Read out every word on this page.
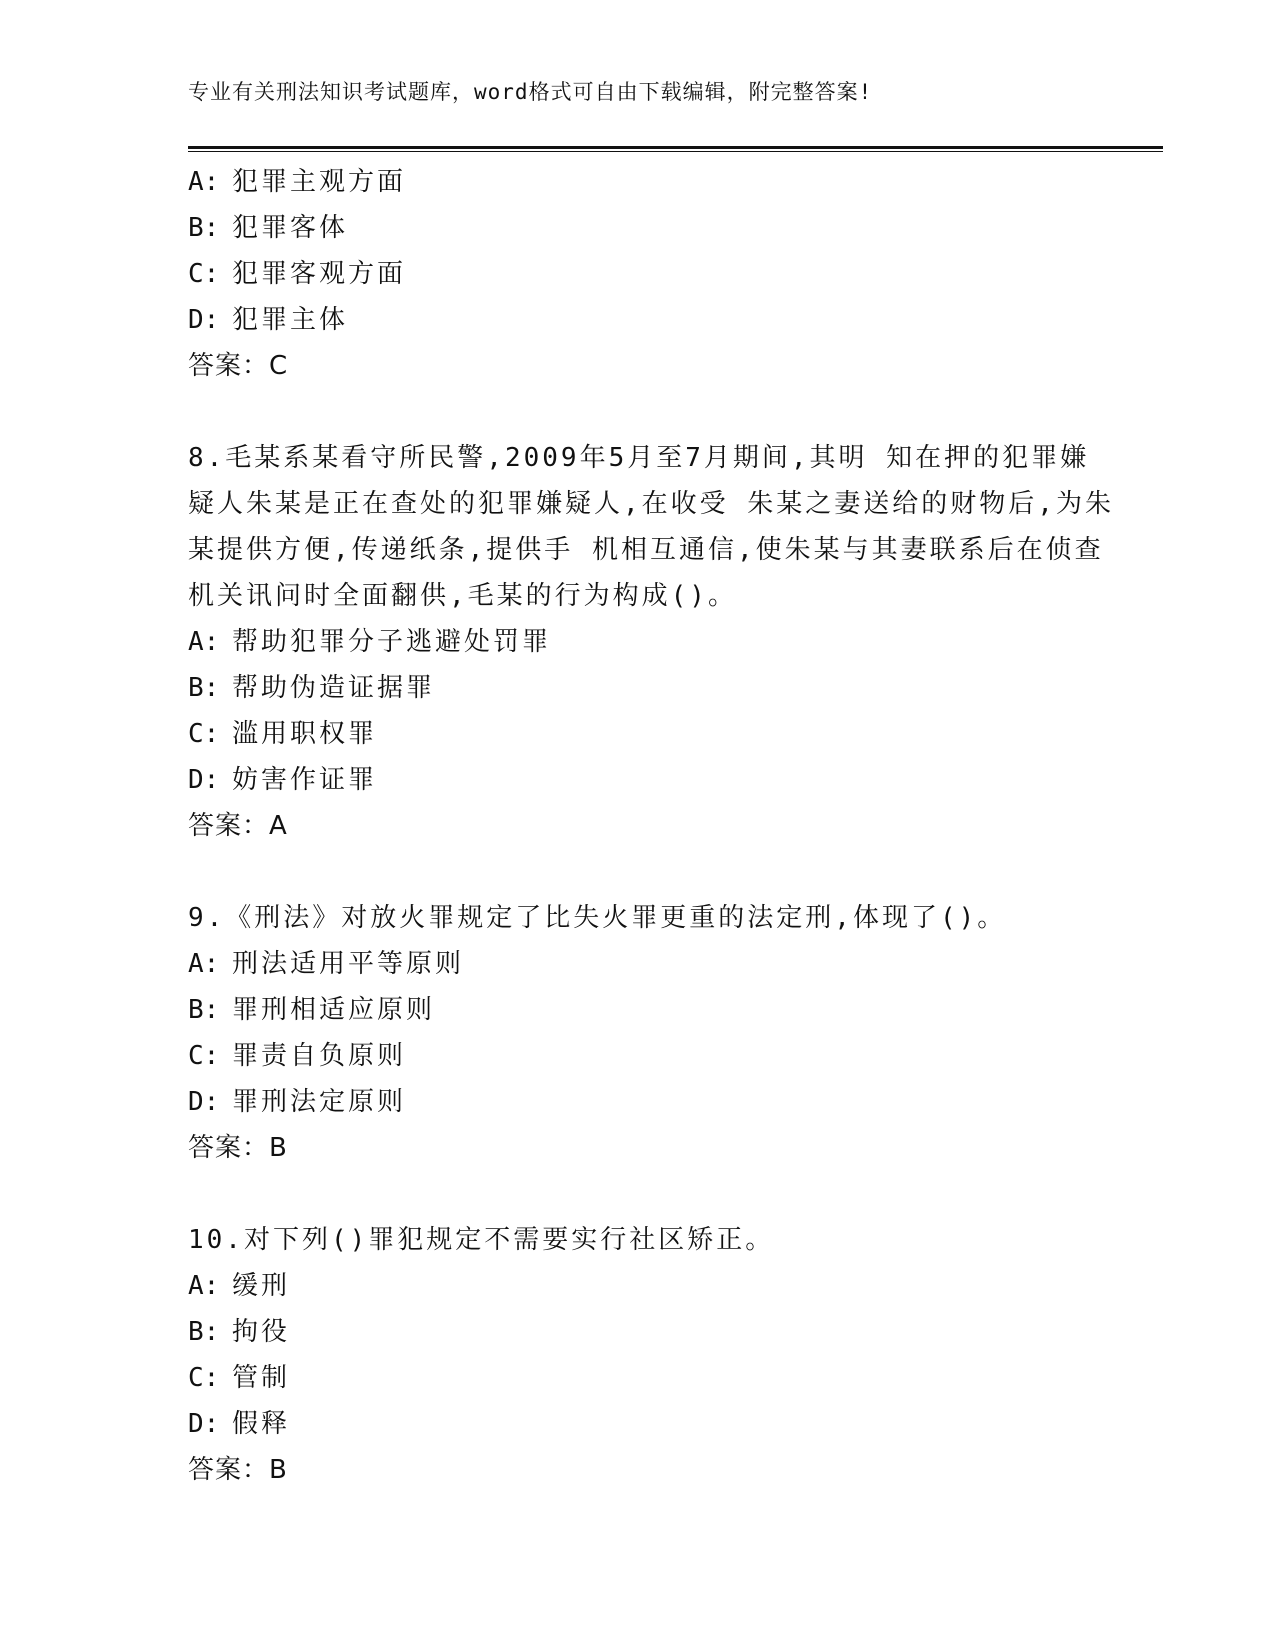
专业有关刑法知识考试题库，word格式可自由下载编辑，附完整答案!
A: 犯罪主观方面
B: 犯罪客体
C: 犯罪客观方面
D: 犯罪主体
答案：C

8.毛某系某看守所民警,2009年5月至7月期间,其明 知在押的犯罪嫌疑人朱某是正在查处的犯罪嫌疑人,在收受 朱某之妻送给的财物后,为朱某提供方便,传递纸条,提供手 机相互通信,使朱某与其妻联系后在侦查机关讯问时全面翻供,毛某的行为构成()。

A: 帮助犯罪分子逃避处罚罪
B: 帮助伪造证据罪
C: 滥用职权罪
D: 妨害作证罪
答案：A

9.《刑法》对放火罪规定了比失火罪更重的法定刑,体现了()。

A: 刑法适用平等原则
B: 罪刑相适应原则
C: 罪责自负原则
D: 罪刑法定原则
答案：B

10.对下列()罪犯规定不需要实行社区矫正。

A: 缓刑
B: 拘役
C: 管制
D: 假释
答案：B
